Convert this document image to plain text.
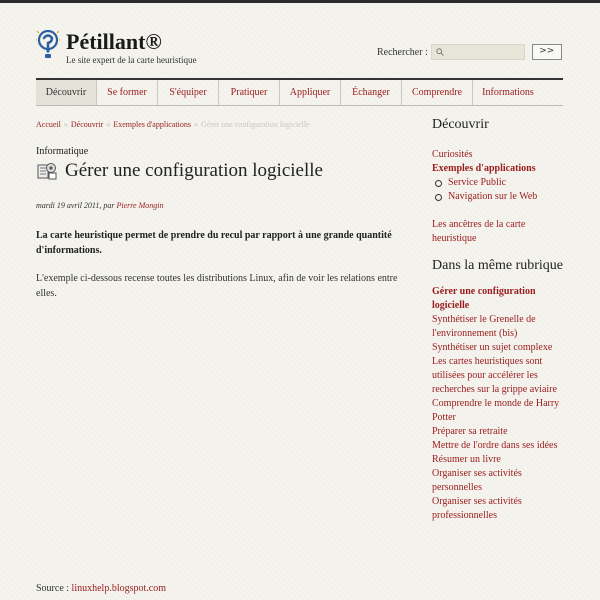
Pétillant®
Le site expert de la carte heuristique
Rechercher :	>>
Découvrir	Se former	S'équiper	Pratiquer	Appliquer	Échanger	Comprendre	Informations
Accueil » Découvrir » Exemples d'applications » Gérer une configuration logicielle
Informatique
Gérer une configuration logicielle
mardi 19 avril 2011, par Pierre Mongin
La carte heuristique permet de prendre du recul par rapport à une grande quantité d'informations.
L'exemple ci-dessous recense toutes les distributions Linux, afin de voir les relations entre elles.
Source : linuxhelp.blogspot.com
Découvrir
Curiosités
Exemples d'applications
Service Public
Navigation sur le Web
Les ancêtres de la carte heuristique
Dans la même rubrique
Gérer une configuration logicielle
Synthétiser le Grenelle de l'environnement (bis)
Synthétiser un sujet complexe
Les cartes heuristiques sont utilisées pour accélérer les recherches sur la grippe aviaire
Comprendre le monde de Harry Potter
Préparer sa retraite
Mettre de l'ordre dans ses idées
Résumer un livre
Organiser ses activités personnelles
Organiser ses activités professionnelles
